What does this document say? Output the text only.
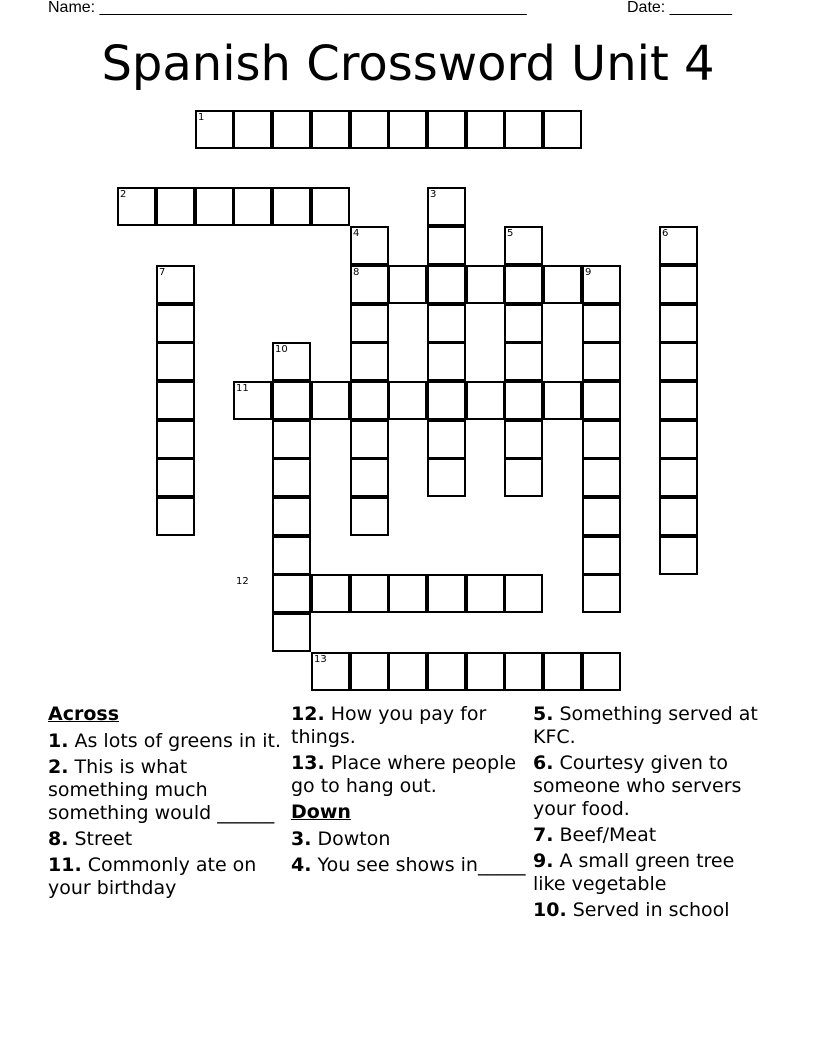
Name: ________________________________________________	Date: _______
Spanish Crossword Unit 4
1
2	3
4	5	6
7	8	9
10
11
12
13
Across
1. As lots of greens in it.
2. This is what something much something would ______
8. Street
11. Commonly ate on your birthday
12. How you pay for things.
13. Place where people go to hang out.
Down
3. Dowton
4. You see shows in_____
5. Something served at KFC.
6. Courtesy given to someone who servers your food.
7. Beef/Meat
9. A small green tree like vegetable
10. Served in school
